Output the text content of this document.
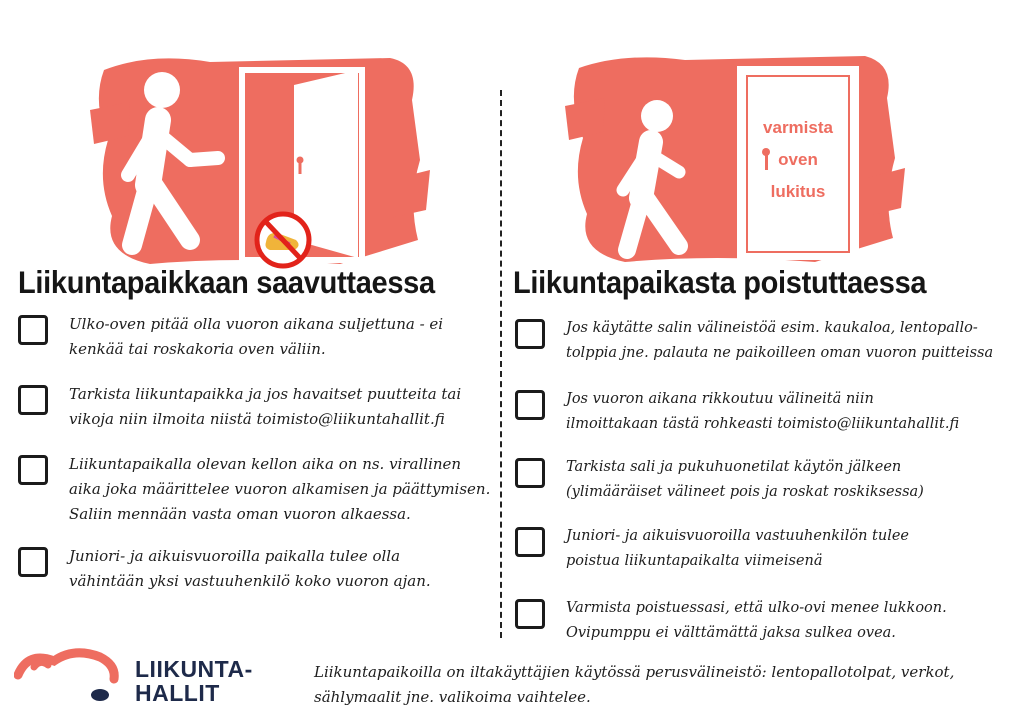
varmista
oven
lukitus
Liikuntapaikkaan saavuttaessa	Liikuntapaikasta poistuttaessa
Ulko-oven pitää olla vuoron aikana suljettuna - ei
kenkää tai roskakoria oven väliin.
Tarkista liikuntapaikka ja jos havaitset puutteita tai
vikoja niin ilmoita niistä toimisto@liikuntahallit.fi
Liikuntapaikalla olevan kellon aika on ns. virallinen
aika joka määrittelee vuoron alkamisen ja päättymisen.
Saliin mennään vasta oman vuoron alkaessa.
Juniori- ja aikuisvuoroilla paikalla tulee olla
vähintään yksi vastuuhenkilö koko vuoron ajan.
Jos käytätte salin välineistöä esim. kaukaloa, lentopallo-
tolppia jne. palauta ne paikoilleen oman vuoron puitteissa
Jos vuoron aikana rikkoutuu välineitä niin
ilmoittakaan tästä rohkeasti toimisto@liikuntahallit.fi
Tarkista sali ja pukuhuonetilat käytön jälkeen
(ylimääräiset välineet pois ja roskat roskiksessa)
Juniori- ja aikuisvuoroilla vastuuhenkilön tulee
poistua liikuntapaikalta viimeisenä
Varmista poistuessasi, että ulko-ovi menee lukkoon.
Ovipumppu ei välttämättä jaksa sulkea ovea.
LIIKUNTA-
HALLIT
Liikuntapaikoilla on iltakäyttäjien käytössä perusvälineistö: lentopallotolpat, verkot,
sählymaalit jne. valikoima vaihtelee.
